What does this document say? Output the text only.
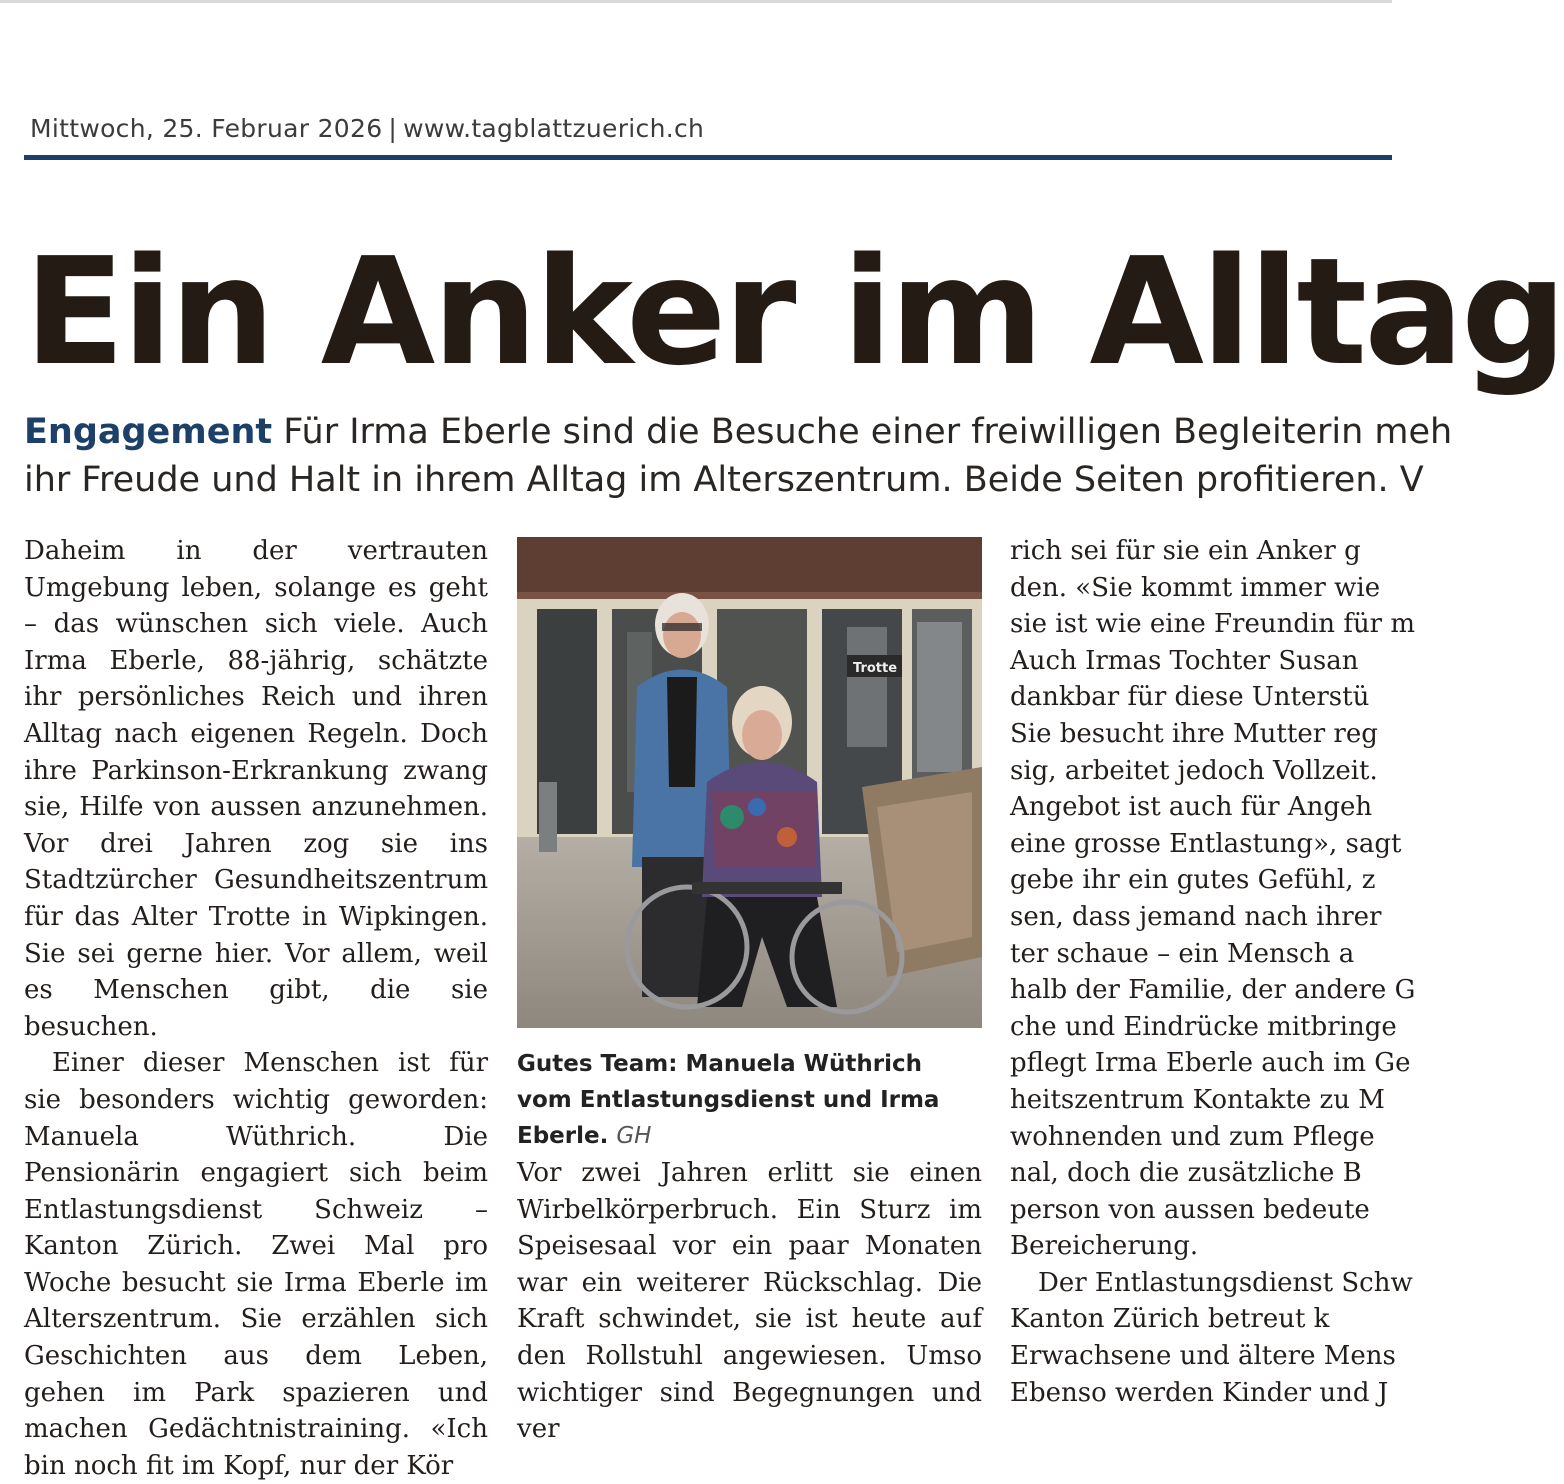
Mittwoch, 25. Februar 2026 | www.tagblattzuerich.ch
Ein Anker im Alltag
Engagement Für Irma Eberle sind die Besuche einer freiwilligen Begleiterin meh
ihr Freude und Halt in ihrem Alltag im Alterszentrum. Beide Seiten profitieren. V

Daheim in der vertrauten Umgebung leben, solange es geht – das wünschen sich viele. Auch Irma Eberle, 88-jährig, schätzte ihr persönliches Reich und ihren Alltag nach eigenen Regeln. Doch ihre Parkinson-Erkrankung zwang sie, Hilfe von aussen anzunehmen. Vor drei Jahren zog sie ins Stadtzürcher Gesundheitszentrum für das Alter Trotte in Wipkingen. Sie sei gerne hier. Vor allem, weil es Menschen gibt, die sie besuchen.

Einer dieser Menschen ist für sie besonders wichtig geworden: Manuela Wüthrich. Die Pensionärin engagiert sich beim Entlastungsdienst Schweiz – Kanton Zürich. Zwei Mal pro Woche besucht sie Irma Eberle im Alterszentrum. Sie erzählen sich Geschichten aus dem Leben, gehen im Park spazieren und machen Gedächtnistraining. «Ich bin noch fit im Kopf, nur der Kör

Trotte
Gutes Team: Manuela Wüthrich vom Entlastungsdienst und Irma Eberle. GH

Vor zwei Jahren erlitt sie einen Wirbelkörperbruch. Ein Sturz im Speisesaal vor ein paar Monaten war ein weiterer Rückschlag. Die Kraft schwindet, sie ist heute auf den Rollstuhl angewiesen. Umso wichtiger sind Begegnungen und ver

rich sei für sie ein Anker g
den. «Sie kommt immer wie
sie ist wie eine Freundin für m
Auch Irmas Tochter Susan
dankbar für diese Unterstü
Sie besucht ihre Mutter reg
sig, arbeitet jedoch Vollzeit.
Angebot ist auch für Angeh
eine grosse Entlastung», sagt
gebe ihr ein gutes Gefühl, z
sen, dass jemand nach ihrer
ter schaue – ein Mensch a
halb der Familie, der andere G
che und Eindrücke mitbringe
pflegt Irma Eberle auch im Ge
heitszentrum Kontakte zu M
wohnenden und zum Pflege
nal, doch die zusätzliche B
person von aussen bedeute
Bereicherung.
Der Entlastungsdienst Schw
Kanton Zürich betreut k
Erwachsene und ältere Mens
Ebenso werden Kinder und J
